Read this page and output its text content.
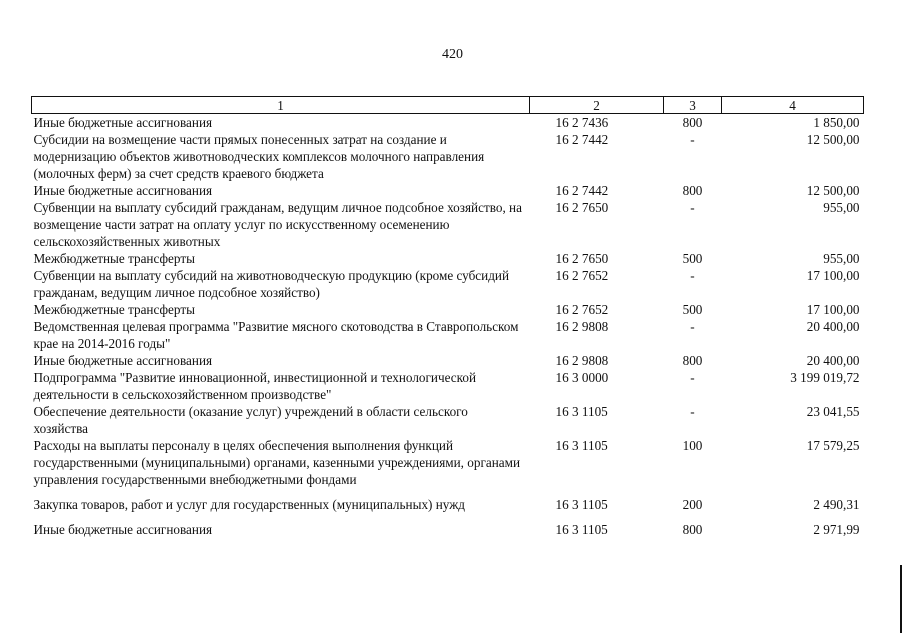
420
1	2	3	4
Иные бюджетные ассигнования	16 2 7436	800	1 850,00
Субсидии на возмещение части прямых понесенных затрат на создание и модернизацию объектов животноводческих комплексов молочного направления (молочных ферм) за счет средств краевого бюджета	16 2 7442	-	12 500,00
Иные бюджетные ассигнования	16 2 7442	800	12 500,00
Субвенции на выплату субсидий гражданам, ведущим личное подсобное хозяйство, на возмещение части затрат на оплату услуг по искусственному осеменению сельскохозяйственных животных	16 2 7650	-	955,00
Межбюджетные трансферты	16 2 7650	500	955,00
Субвенции на выплату субсидий на животноводческую продукцию (кроме субсидий гражданам, ведущим личное подсобное хозяйство)	16 2 7652	-	17 100,00
Межбюджетные трансферты	16 2 7652	500	17 100,00
Ведомственная целевая программа "Развитие мясного скотоводства в Ставропольском крае на 2014-2016 годы"	16 2 9808	-	20 400,00
Иные бюджетные ассигнования	16 2 9808	800	20 400,00
Подпрограмма "Развитие инновационной, инвестиционной и технологической деятельности в сельскохозяйственном производстве"	16 3 0000	-	3 199 019,72
Обеспечение деятельности (оказание услуг) учреждений в области сельского хозяйства	16 3 1105	-	23 041,55
Расходы на выплаты персоналу в целях обеспечения выполнения функций государственными (муниципальными) органами, казенными учреждениями, органами управления государственными внебюджетными фондами	16 3 1105	100	17 579,25
Закупка товаров, работ и услуг для государственных (муниципальных) нужд	16 3 1105	200	2 490,31
Иные бюджетные ассигнования	16 3 1105	800	2 971,99
